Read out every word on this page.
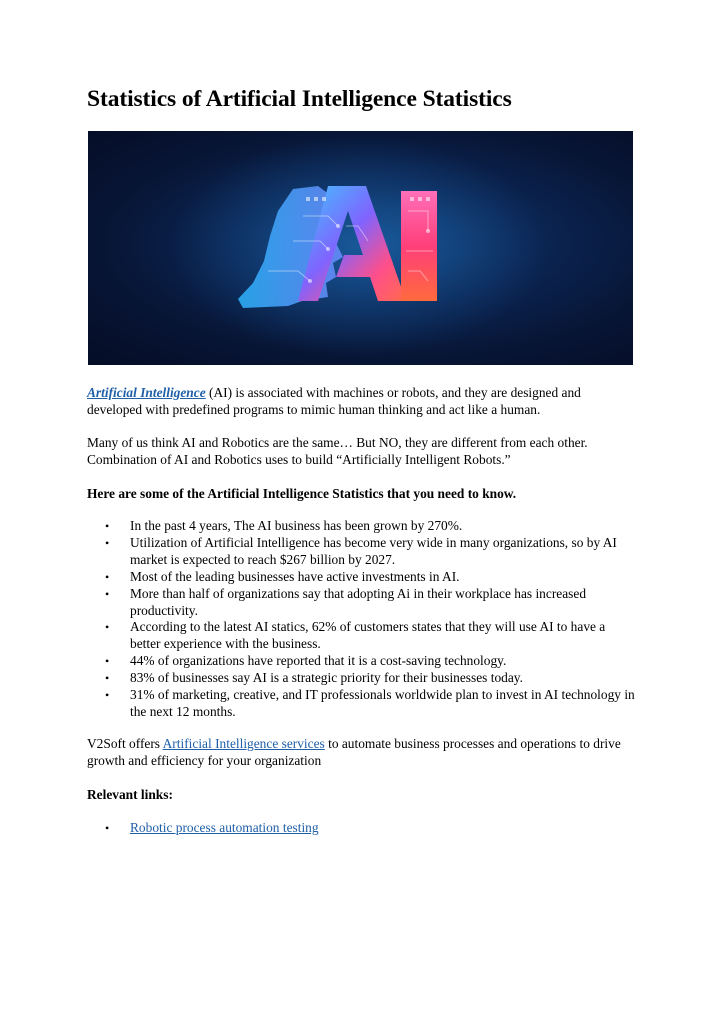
Statistics of Artificial Intelligence Statistics

Artificial Intelligence (AI) is associated with machines or robots, and they are designed and developed with predefined programs to mimic human thinking and act like a human.

Many of us think AI and Robotics are the same… But NO, they are different from each other. Combination of AI and Robotics uses to build “Artificially Intelligent Robots.”

Here are some of the Artificial Intelligence Statistics that you need to know.

• In the past 4 years, The AI business has been grown by 270%.
• Utilization of Artificial Intelligence has become very wide in many organizations, so by AI market is expected to reach $267 billion by 2027.
• Most of the leading businesses have active investments in AI.
• More than half of organizations say that adopting Ai in their workplace has increased productivity.
• According to the latest AI statics, 62% of customers states that they will use AI to have a better experience with the business.
• 44% of organizations have reported that it is a cost-saving technology.
• 83% of businesses say AI is a strategic priority for their businesses today.
• 31% of marketing, creative, and IT professionals worldwide plan to invest in AI technology in the next 12 months.

V2Soft offers Artificial Intelligence services to automate business processes and operations to drive growth and efficiency for your organization

Relevant links:

• Robotic process automation testing
